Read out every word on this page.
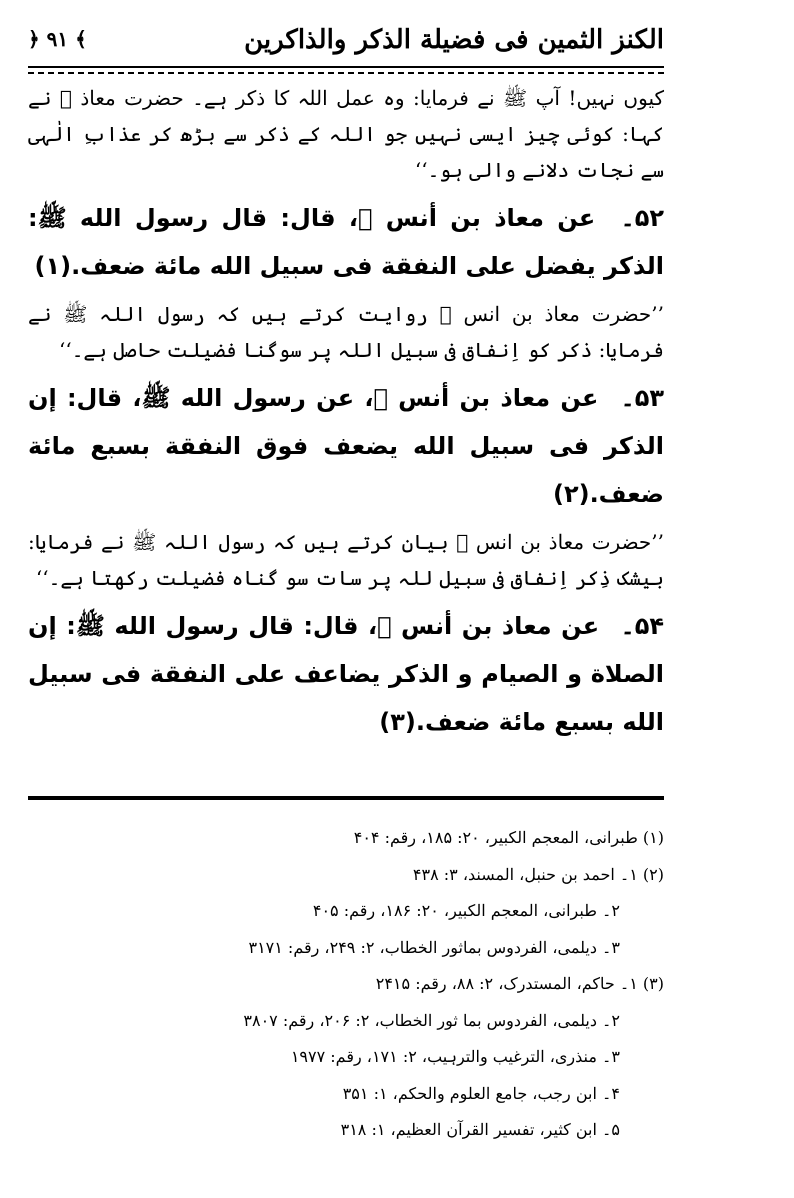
الكنز الثمين فى فضيلة الذكر والذاكرين
﴿ ۹۱ ﴾

کیوں نہیں! آپ ﷺ نے فرمایا: وہ عمل اللہ کا ذکر ہے۔ حضرت معاذ ﷛ نے کہا: کوئی چیز ایسی نہیں جو اللہ کے ذکر سے بڑھ کر عذابِ الٰہی سے نجات دلانے والی ہو۔‘‘

۵۲۔ عن معاذ بن أنس ﷛، قال: قال رسول الله ﷺ: الذكر يفضل على النفقة فى سبيل الله مائة ضعف.(۱)

’’حضرت معاذ بن انس ﷛ روایت کرتے ہیں کہ رسول اللہ ﷺ نے فرمایا: ذکر کو اِنفاق فی سبیل اللہ پر سوگنا فضیلت حاصل ہے۔‘‘

۵۳۔ عن معاذ بن أنس ﷛، عن رسول الله ﷺ، قال: إن الذكر فى سبيل الله يضعف فوق النفقة بسبع مائة ضعف.(۲)

’’حضرت معاذ بن انس ﷛ بیان کرتے ہیں کہ رسول اللہ ﷺ نے فرمایا: بیشک ذِکر اِنفاق فی سبیل للہ پر سات سو گناہ فضیلت رکھتا ہے۔‘‘

۵۴۔ عن معاذ بن أنس ﷛، قال: قال رسول الله ﷺ: إن الصلاة و الصيام و الذكر يضاعف على النفقة فى سبيل الله بسبع مائة ضعف.(۳)

(۱) طبرانی، المعجم الکبیر، ۲۰: ۱۸۵، رقم: ۴۰۴
(۲) ۱۔ احمد بن حنبل، المسند، ۳: ۴۳۸
۲۔ طبرانی، المعجم الکبیر، ۲۰: ۱۸۶، رقم: ۴۰۵
۳۔ دیلمی، الفردوس بماثور الخطاب، ۲: ۲۴۹، رقم: ۳۱۷۱
(۳) ۱۔ حاکم، المستدرک، ۲: ۸۸، رقم: ۲۴۱۵
۲۔ دیلمی، الفردوس بما ثور الخطاب، ۲: ۲۰۶، رقم: ۳۸۰۷
۳۔ منذری، الترغیب والترہیب، ۲: ۱۷۱، رقم: ۱۹۷۷
۴۔ ابن رجب، جامع العلوم والحکم، ۱: ۳۵۱
۵۔ ابن کثیر، تفسیر القرآن العظیم، ۱: ۳۱۸
